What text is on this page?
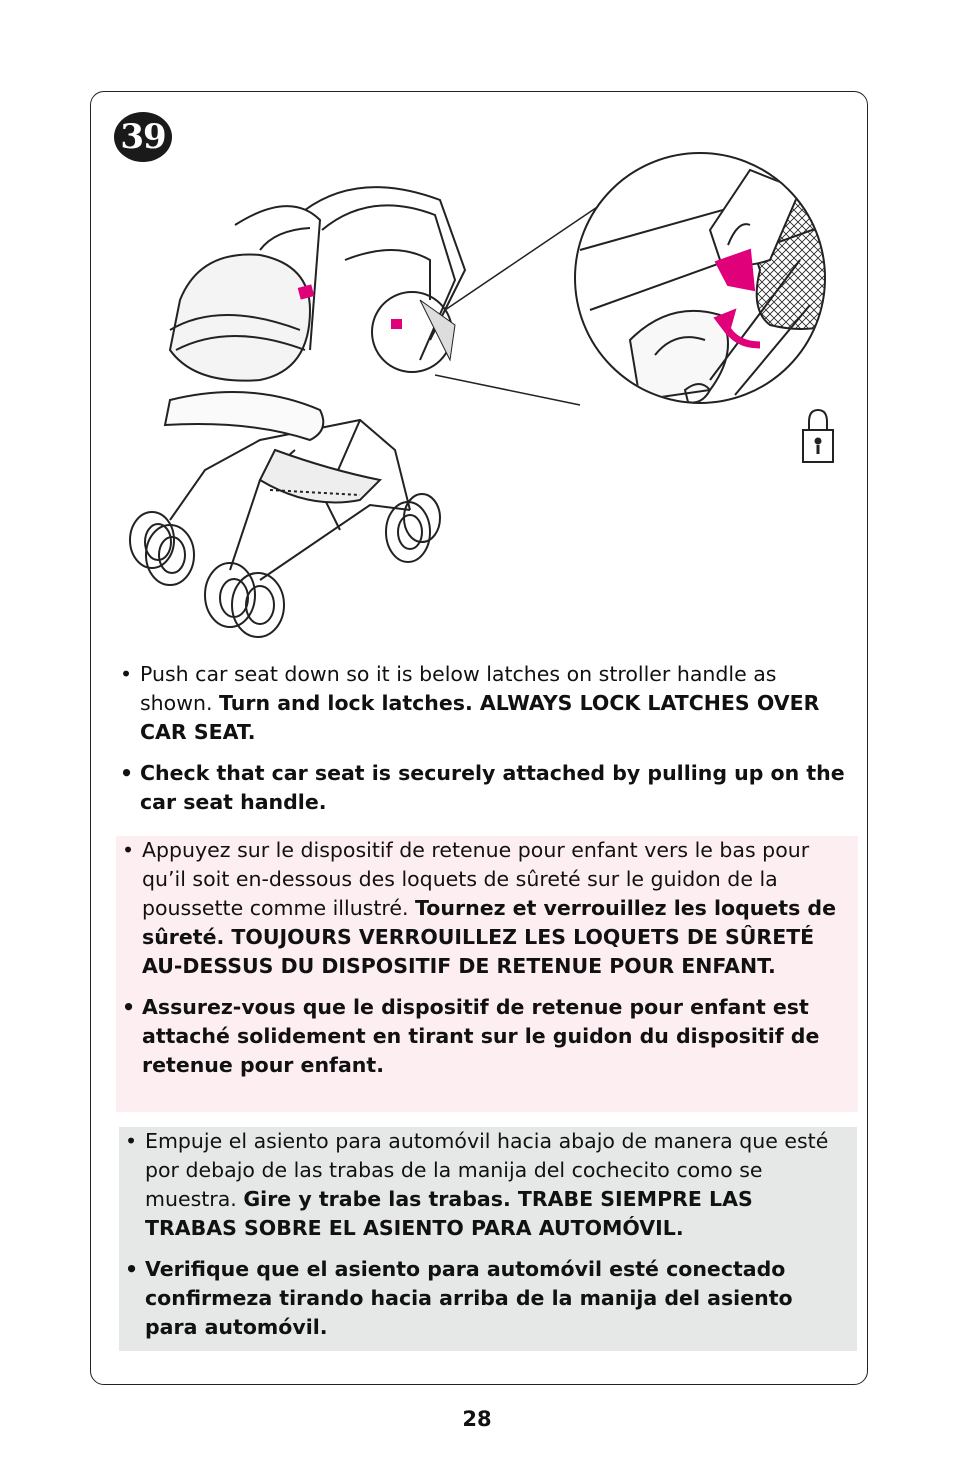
39
• Push car seat down so it is below latches on stroller handle as shown. Turn and lock latches. ALWAYS LOCK LATCHES OVER CAR SEAT.
• Check that car seat is securely attached by pulling up on the car seat handle.
• Appuyez sur le dispositif de retenue pour enfant vers le bas pour qu’il soit en-dessous des loquets de sûreté sur le guidon de la poussette comme illustré. Tournez et verrouillez les loquets de sûreté. TOUJOURS VERROUILLEZ LES LOQUETS DE SÛRETÉ AU-DESSUS DU DISPOSITIF DE RETENUE POUR ENFANT.
• Assurez-vous que le dispositif de retenue pour enfant est attaché solidement en tirant sur le guidon du dispositif de retenue pour enfant.
• Empuje el asiento para automóvil hacia abajo de manera que esté por debajo de las trabas de la manija del cochecito como se muestra. Gire y trabe las trabas. TRABE SIEMPRE LAS TRABAS SOBRE EL ASIENTO PARA AUTOMÓVIL.
• Verifique que el asiento para automóvil esté conectado confirmeza tirando hacia arriba de la manija del asiento para automóvil.
28
